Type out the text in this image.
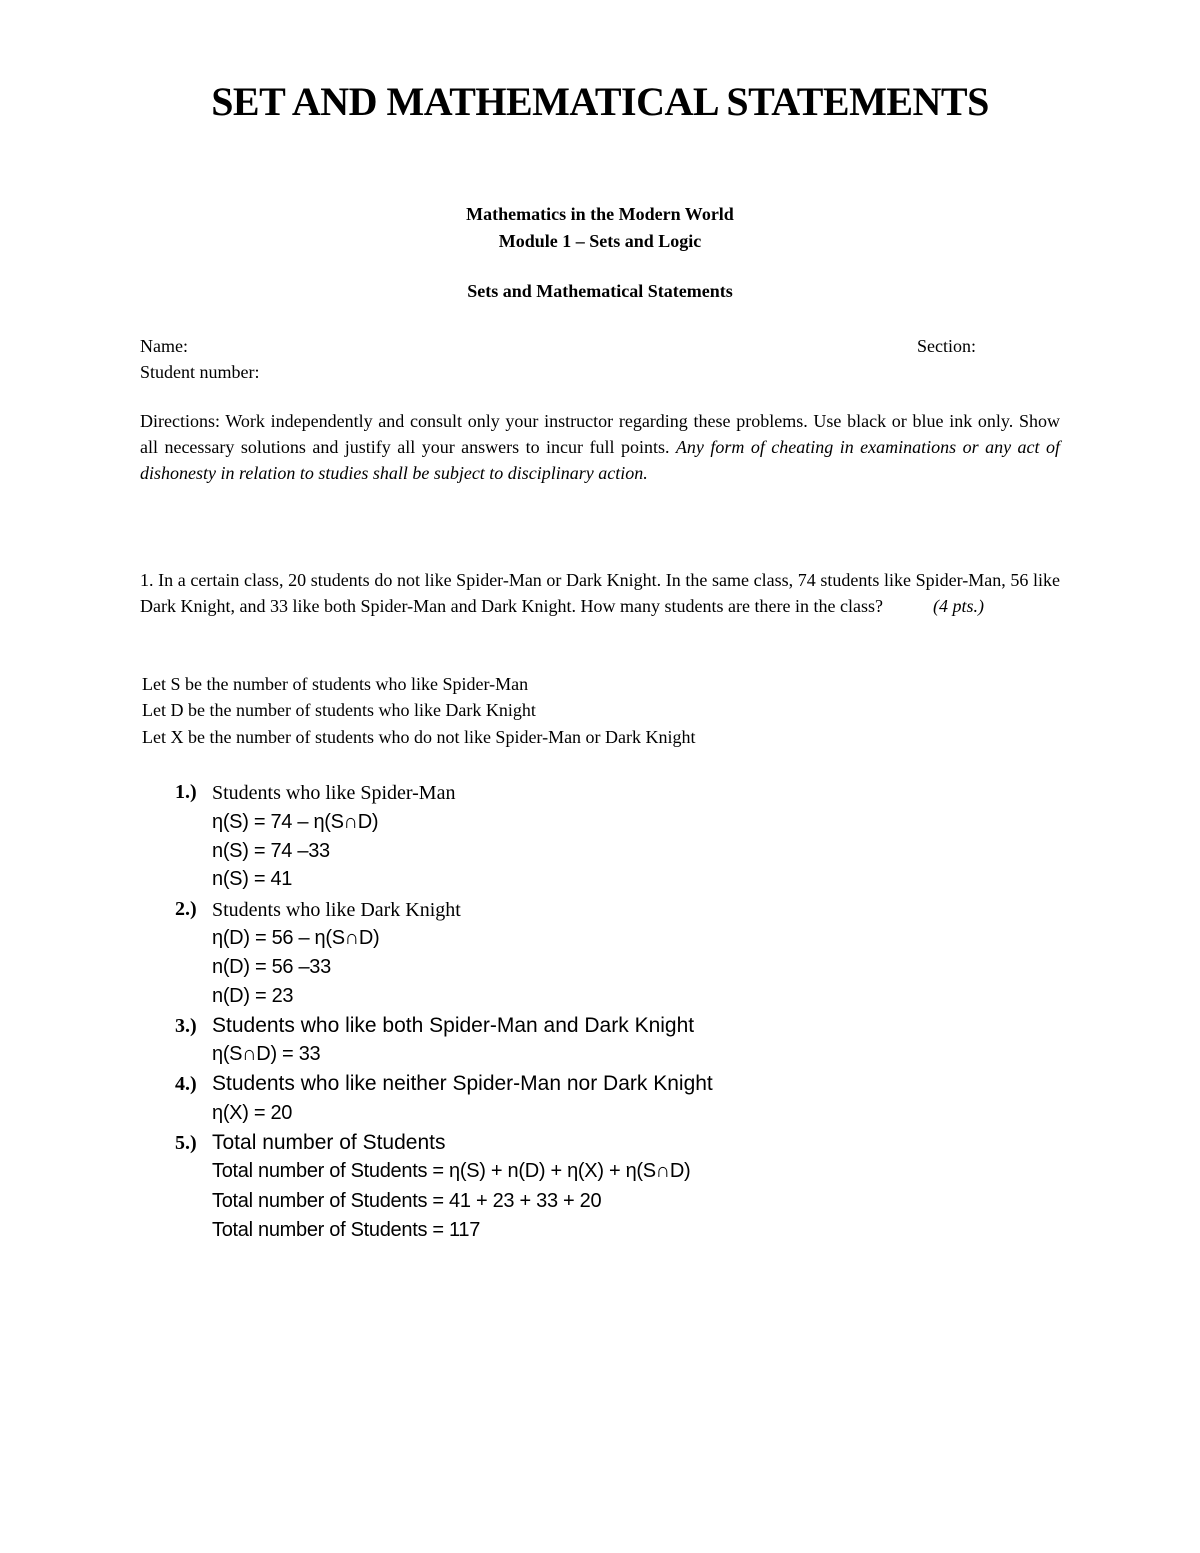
SET AND MATHEMATICAL STATEMENTS
Mathematics in the Modern World
Module 1 – Sets and Logic
Sets and Mathematical Statements
Name:	Section:
Student number:
Directions: Work independently and consult only your instructor regarding these problems. Use black or blue ink only. Show all necessary solutions and justify all your answers to incur full points. Any form of cheating in examinations or any act of dishonesty in relation to studies shall be subject to disciplinary action.
1. In a certain class, 20 students do not like Spider-Man or Dark Knight. In the same class, 74 students like Spider-Man, 56 like Dark Knight, and 33 like both Spider-Man and Dark Knight. How many students are there in the class?	(4 pts.)
Let S be the number of students who like Spider-Man
Let D be the number of students who like Dark Knight
Let X be the number of students who do not like Spider-Man or Dark Knight
1.) Students who like Spider-Man
η(S) = 74 – η(S∩D)
n(S) = 74 –33
n(S) = 41
2.) Students who like Dark Knight
η(D) = 56 – η(S∩D)
n(D) = 56 –33
n(D) = 23
3.) Students who like both Spider-Man and Dark Knight
η(S∩D) = 33
4.) Students who like neither Spider-Man nor Dark Knight
η(X) = 20
5.) Total number of Students
Total number of Students = η(S) + n(D) + η(X) + η(S∩D)
Total number of Students = 41 + 23 + 33 + 20
Total number of Students = 117
